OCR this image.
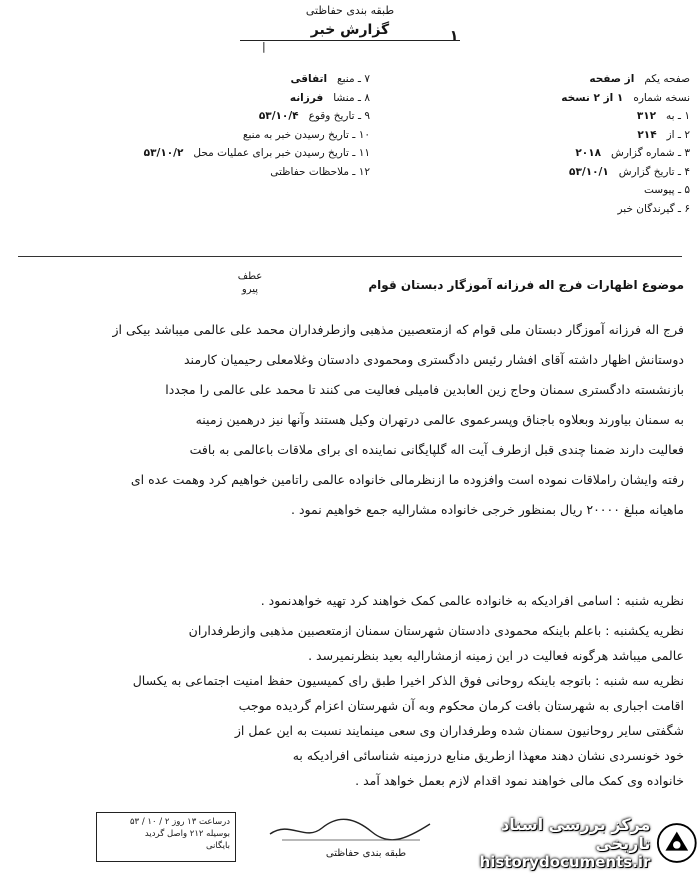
طبقه بندی حفاظتی
گزارش خبر	۱
|
صفحه یکم
از صفحه
نسخه شماره
۱ از ۲ نسخه
۱ ـ به
۳۱۲
۲ ـ از
۲۱۴
۳ ـ شماره گزارش
۲۰۱۸
۴ ـ تاریخ گزارش
۵۳/۱۰/۱
۵ ـ پیوست
۶ ـ گیرندگان خبر
۷ ـ منبع
اتفاقی
۸ ـ منشا
فرزانه
۹ ـ تاریخ وقوع
۵۳/۱۰/۴
۱۰ ـ تاریخ رسیدن خبر به منبع
۱۱ ـ تاریخ رسیدن خبر برای عملیات محل
۵۳/۱۰/۲
۱۲ ـ ملاحظات حفاظتی
عطف
پیرو	موضوع اظهارات فرج اله فرزانه آموزگار دبستان قوام
فرج اله فرزانه آموزگار دبستان ملی قوام که ازمتعصبین مذهبی وازطرفداران محمد علی عالمی میباشد بیکی از
دوستانش اظهار داشته آقای افشار رئیس دادگستری ومحمودی دادستان وغلامعلی رحیمیان کارمند
بازنشسته دادگستری سمنان وحاج زین العابدین فامیلی فعالیت می کنند تا محمد علی عالمی را مجددا
به سمنان بیاورند وبعلاوه باجناق وپسرعموی عالمی درتهران وکیل هستند وآنها نیز درهمین زمینه
فعالیت دارند ضمنا چندی قبل ازطرف آیت اله گلپایگانی نماینده ای برای ملاقات باعالمی به بافت
رفته وایشان راملاقات نموده است وافزوده ما ازنظرمالی خانواده عالمی راتامین خواهیم کرد وهمت عده ای
ماهیانه مبلغ ۲۰۰۰۰ ریال بمنظور خرجی خانواده مشارالیه جمع خواهیم نمود .
نظریه شنبه : اسامی افرادیکه به خانواده عالمی کمک خواهند کرد تهیه خواهدنمود .
نظریه یکشنبه : باعلم باینکه محمودی دادستان شهرستان سمنان ازمتعصبین مذهبی وازطرفداران
عالمی میباشد هرگونه فعالیت در این زمینه ازمشارالیه بعید بنظرنمیرسد .
نظریه سه شنبه : باتوجه باینکه روحانی فوق الذکر اخیرا طبق رای کمیسیون حفظ امنیت اجتماعی به یکسال
اقامت اجباری به شهرستان بافت کرمان محکوم وبه آن شهرستان اعزام گردیده موجب
شگفتی سایر روحانیون سمنان شده وطرفداران وی سعی مینمایند نسبت به این عمل از
خود خونسردی نشان دهند معهذا ازطریق منابع درزمینه شناسائی افرادیکه به
خانواده وی کمک مالی خواهند نمود اقدام لازم بعمل خواهد آمد .
درساعت ۱۳ روز ۲ / ۱۰ / ۵۳
بوسیله ۲۱۲ واصل گردید
بایگانی
طبقه بندی حفاظتی
مرکز بررسی اسناد تاریخی
historydocuments.ir
